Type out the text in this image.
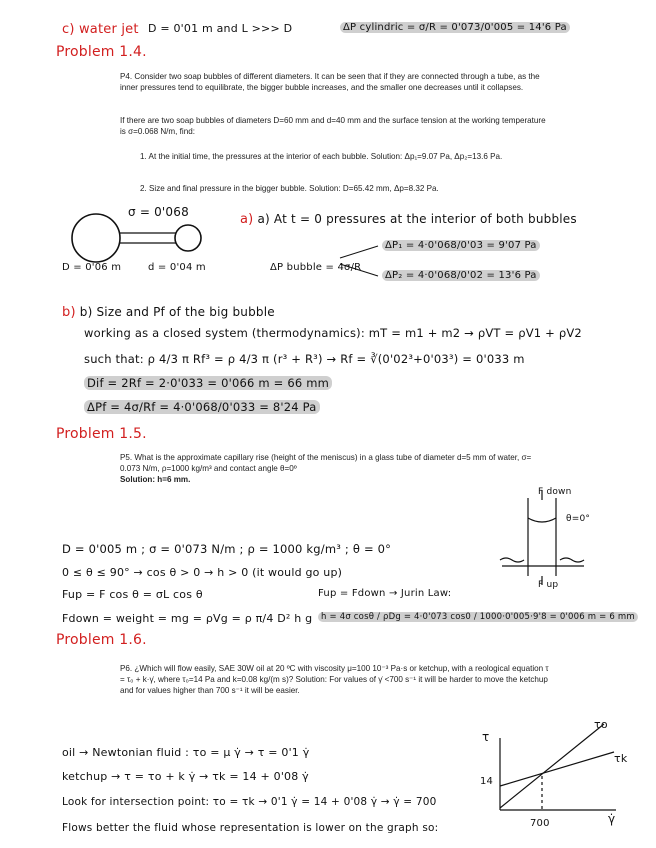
c) water jet D = 0'01 m and L >>> D	ΔP cylindric = σ/R = 0'073/0'005 = 14'6 Pa
Problem 1.4.
P4. Consider two soap bubbles of different diameters. It can be seen that if they are connected through a tube, as the inner pressures tend to equilibrate, the bigger bubble increases, and the smaller one decreases until it collapses.
If there are two soap bubbles of diameters D=60 mm and d=40 mm and the surface tension at the working temperature is σ=0.068 N/m, find:
1. At the initial time, the pressures at the interior of each bubble. Solution: Δp₁=9.07 Pa, Δp₂=13.6 Pa.
2. Size and final pressure in the bigger bubble. Solution: D=65.42 mm, Δp=8.32 Pa.
σ = 0'068
D = 0'06 m	d = 0'04 m
a) a) At t = 0 pressures at the interior of both bubbles
ΔP bubble = 4σ/R
ΔP₁ = 4·0'068/0'03 = 9'07 Pa
ΔP₂ = 4·0'068/0'02 = 13'6 Pa
b) b) Size and Pf of the big bubble
working as a closed system (thermodynamics): mT = m1 + m2 → ρVT = ρV1 + ρV2
such that: ρ 4/3 π Rf³ = ρ 4/3 π (r³ + R³) → Rf = ∛(0'02³+0'03³) = 0'033 m
Dif = 2Rf = 2·0'033 = 0'066 m = 66 mm
ΔPf = 4σ/Rf = 4·0'068/0'033 = 8'24 Pa
Problem 1.5.
P5. What is the approximate capillary rise (height of the meniscus) in a glass tube of diameter d=5 mm of water, σ= 0.073 N/m, ρ=1000 kg/m³ and contact angle θ=0º
Solution: h=6 mm.
F down
θ=0°
F up
D = 0'005 m ; σ = 0'073 N/m ; ρ = 1000 kg/m³ ; θ = 0°
0 ≤ θ ≤ 90° → cos θ > 0 → h > 0 (it would go up)
Fup = F cos θ = σL cos θ
Fdown = weight = mg = ρVg = ρ π/4 D² h g
Fup = Fdown → Jurin Law:
h = 4σ cosθ / ρDg = 4·0'073 cos0 / 1000·0'005·9'8 = 0'006 m = 6 mm
Problem 1.6.
P6. ¿Which will flow easily, SAE 30W oil at 20 ºC with viscosity μ=100 10⁻³ Pa·s or ketchup, with a reological equation τ = τ₀ + k·γ̇, where τ₀=14 Pa and k=0.08 kg/(m s)? Solution: For values of γ̇ <700 s⁻¹ it will be harder to move the ketchup and for values higher than 700 s⁻¹ it will be easier.
oil → Newtonian fluid : τo = μ γ̇ → τ = 0'1 γ̇
ketchup → τ = τo + k γ̇ → τk = 14 + 0'08 γ̇
Look for intersection point: τo = τk → 0'1 γ̇ = 14 + 0'08 γ̇ → γ̇ = 700
Flows better the fluid whose representation is lower on the graph so:
τ
τo
τk
14
700	γ̇
